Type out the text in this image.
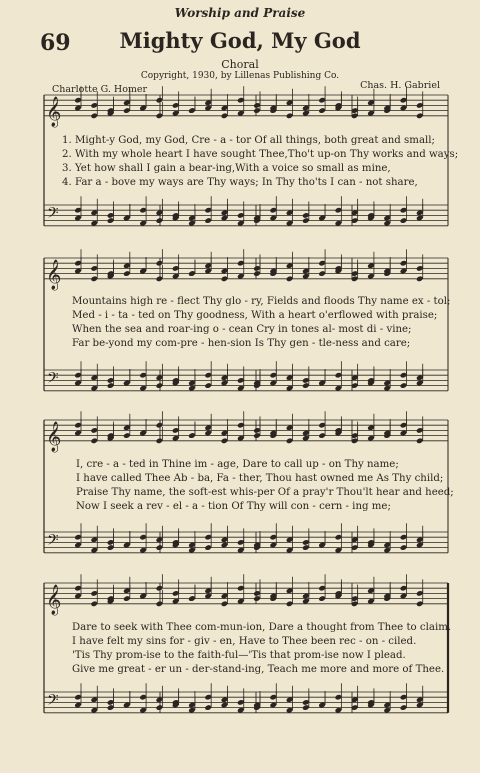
Worship and Praise
69	Mighty God, My God
Choral
Copyright, 1930, by Lillenas Publishing Co.
Charlotte G. Homer	Chas. H. Gabriel
𝄞
𝄢
𝄞
𝄢
𝄞
𝄢
𝄞
𝄢
1. Might-y God, my God, Cre - a - tor Of all things, both great and small;
2. With my whole heart I have sought Thee,Tho't up-on Thy works and ways;
3. Yet how shall I gain a bear-ing,With a voice so small as mine,
4. Far a - bove my ways are Thy ways; In Thy tho'ts I can - not share,
Mountains high re - flect Thy glo - ry, Fields and floods Thy name ex - tol;
Med - i - ta - ted on Thy goodness, With a heart o'erflowed with praise;
When the sea and roar-ing o - cean Cry in tones al- most di - vine;
Far be-yond my com-pre - hen-sion Is Thy gen - tle-ness and care;
I, cre - a - ted in Thine im - age, Dare to call up - on Thy name;
I have called Thee Ab - ba, Fa - ther, Thou hast owned me As Thy child;
Praise Thy name, the soft-est whis-per Of a pray'r Thou'lt hear and heed;
Now I seek a rev - el - a - tion Of Thy will con - cern - ing me;
Dare to seek with Thee com-mun-ion, Dare a thought from Thee to claim.
I have felt my sins for - giv - en, Have to Thee been rec - on - ciled.
'Tis Thy prom-ise to the faith-ful—'Tis that prom-ise now I plead.
Give me great - er un - der-stand-ing, Teach me more and more of Thee.
